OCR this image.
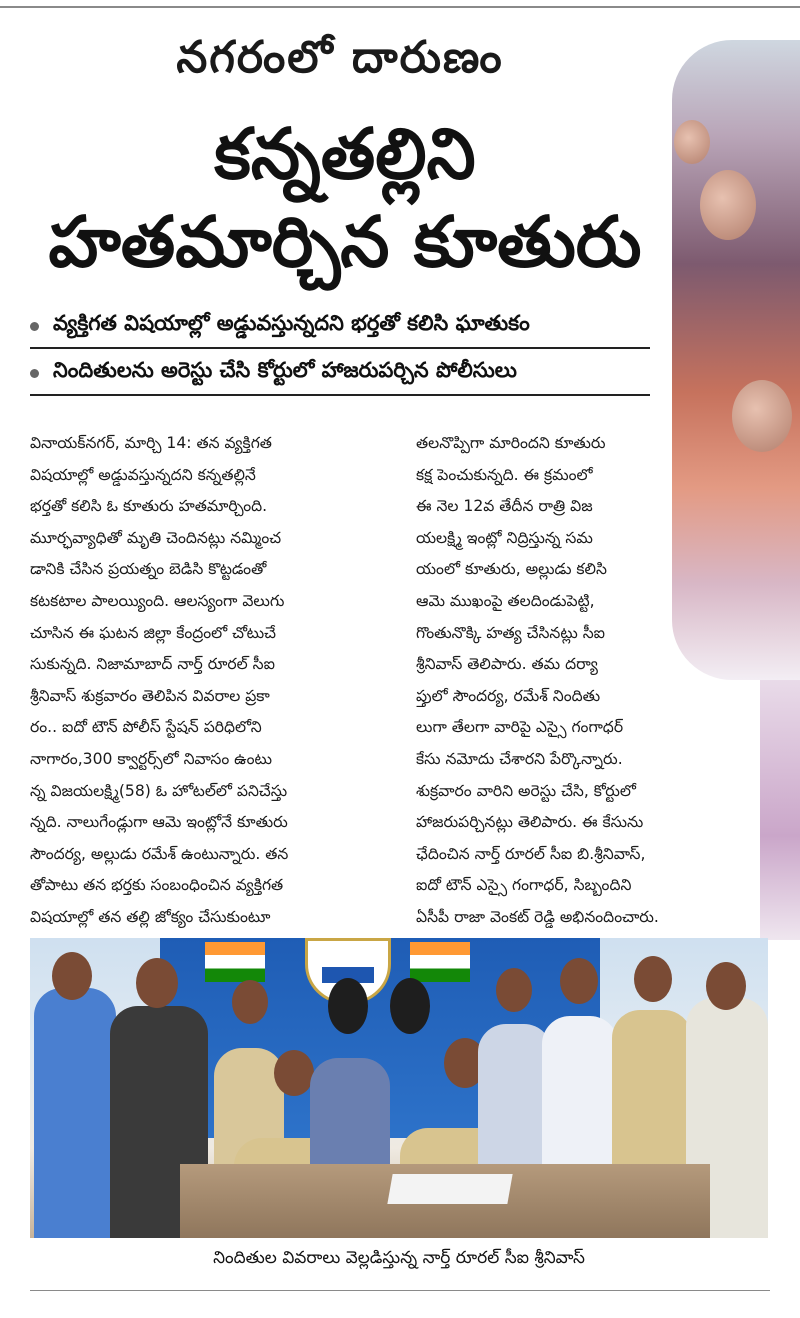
నగరంలో దారుణం
కన్నతల్లిని
హతమార్చిన కూతురు
వ్యక్తిగత విషయాల్లో అడ్డువస్తున్నదని భర్తతో కలిసి ఘాతుకం
నిందితులను అరెస్టు చేసి కోర్టులో హాజరుపర్చిన పోలీసులు

వినాయక్‌నగర్, మార్చి 14: తన వ్యక్తిగత

విషయాల్లో అడ్డువస్తున్నదని కన్నతల్లినే

భర్తతో కలిసి ఓ కూతురు హతమార్చింది.

మూర్ఛవ్యాధితో మృతి చెందినట్లు నమ్మించ

డానికి చేసిన ప్రయత్నం బెడిసి కొట్టడంతో

కటకటాల పాలయ్యింది. ఆలస్యంగా వెలుగు

చూసిన ఈ ఘటన జిల్లా కేంద్రంలో చోటుచే

సుకున్నది. నిజామాబాద్ నార్త్ రూరల్ సీఐ

శ్రీనివాస్ శుక్రవారం తెలిపిన వివరాల ప్రకా

రం.. ఐదో టౌన్ పోలీస్ స్టేషన్ పరిధిలోని

నాగారం,300 క్వార్టర్స్‌లో నివాసం ఉంటు

న్న విజయలక్ష్మి(58) ఓ హోటల్‌లో పనిచేస్తు

న్నది. నాలుగేండ్లుగా ఆమె ఇంట్లోనే కూతురు

సౌందర్య, అల్లుడు రమేశ్ ఉంటున్నారు. తన

తోపాటు తన భర్తకు సంబంధించిన వ్యక్తిగత

విషయాల్లో తన తల్లి జోక్యం చేసుకుంటూ

తలనొప్పిగా మారిందని కూతురు

కక్ష పెంచుకున్నది. ఈ క్రమంలో

ఈ నెల 12వ తేదీన రాత్రి విజ

యలక్ష్మి ఇంట్లో నిద్రిస్తున్న సమ

యంలో కూతురు, అల్లుడు కలిసి

ఆమె ముఖంపై తలదిండుపెట్టి,

గొంతునొక్కి హత్య చేసినట్లు సీఐ

శ్రీనివాస్ తెలిపారు. తమ దర్యా

ప్తులో సౌందర్య, రమేశ్ నిందితు

లుగా తేలగా వారిపై ఎస్సై గంగాధర్

కేసు నమోదు చేశారని పేర్కొన్నారు.

శుక్రవారం వారిని అరెస్టు చేసి, కోర్టులో

హాజరుపర్చినట్లు తెలిపారు. ఈ కేసును

ఛేదించిన నార్త్ రూరల్ సీఐ బి.శ్రీనివాస్,

ఐదో టౌన్ ఎస్సై గంగాధర్, సిబ్బందిని

ఏసీపీ రాజా వెంకట్ రెడ్డి అభినందించారు.

నిందితుల వివరాలు వెల్లడిస్తున్న నార్త్ రూరల్ సీఐ శ్రీనివాస్
